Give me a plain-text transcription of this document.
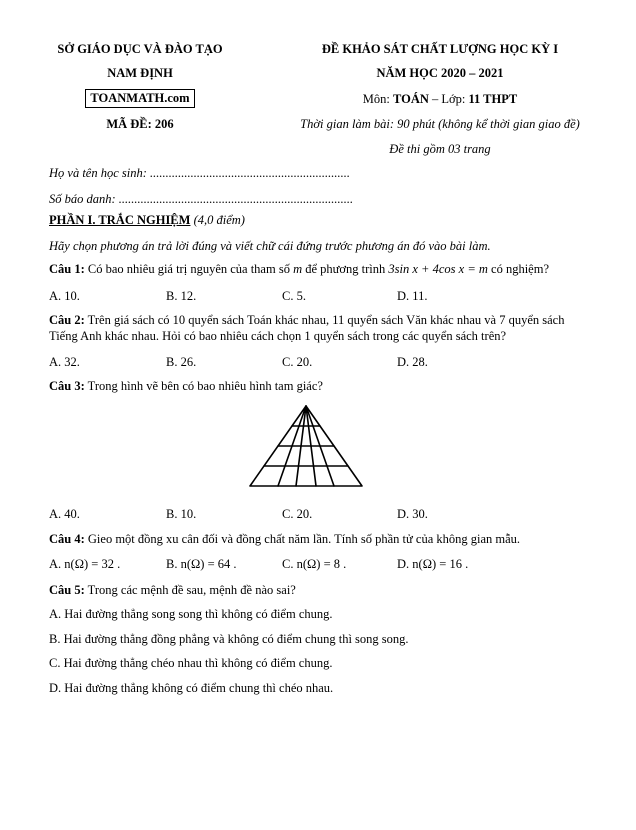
SỞ GIÁO DỤC VÀ ĐÀO TẠO
NAM ĐỊNH
TOANMATH.com
MÃ ĐỀ: 206
ĐỀ KHẢO SÁT CHẤT LƯỢNG HỌC KỲ I
NĂM HỌC 2020 – 2021
Môn: TOÁN – Lớp: 11 THPT
Thời gian làm bài: 90 phút (không kể thời gian giao đề)
Đề thi gồm 03 trang
Họ và tên học sinh: ................................................................
Số báo danh: ...........................................................................
PHẦN I. TRẮC NGHIỆM (4,0 điểm)
Hãy chọn phương án trả lời đúng và viết chữ cái đứng trước phương án đó vào bài làm.
Câu 1: Có bao nhiêu giá trị nguyên của tham số m để phương trình 3sin x + 4cos x = m có nghiệm?
A. 10.	B. 12.	C. 5.	D. 11.
Câu 2: Trên giá sách có 10 quyển sách Toán khác nhau, 11 quyển sách Văn khác nhau và 7 quyển sách
Tiếng Anh khác nhau. Hỏi có bao nhiêu cách chọn 1 quyển sách trong các quyển sách trên?
A. 32.	B. 26.	C. 20.	D. 28.
Câu 3: Trong hình vẽ bên có bao nhiêu hình tam giác?
A. 40.	B. 10.	C. 20.	D. 30.
Câu 4: Gieo một đồng xu cân đối và đồng chất năm lần. Tính số phần tử của không gian mẫu.
A. n(Ω) = 32 .	B. n(Ω) = 64 .	C. n(Ω) = 8 .	D. n(Ω) = 16 .
Câu 5: Trong các mệnh đề sau, mệnh đề nào sai?
A. Hai đường thẳng song song thì không có điểm chung.
B. Hai đường thẳng đồng phẳng và không có điểm chung thì song song.
C. Hai đường thẳng chéo nhau thì không có điểm chung.
D. Hai đường thẳng không có điểm chung thì chéo nhau.
